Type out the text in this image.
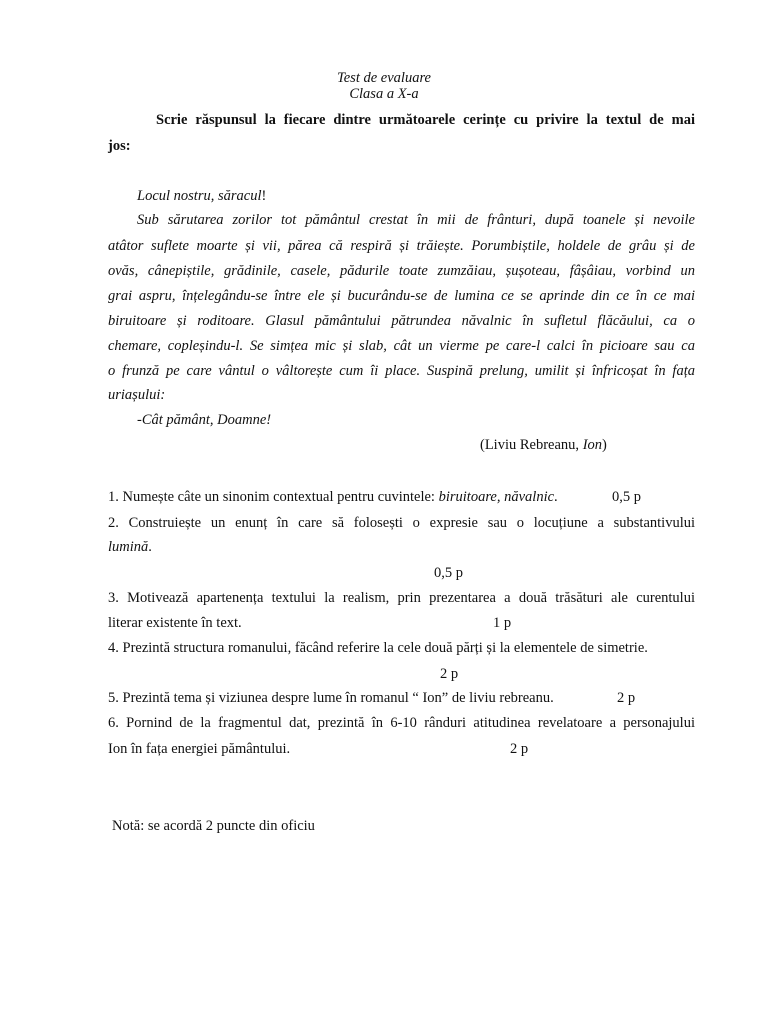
Test de evaluare
Clasa a X-a
Scrie răspunsul la fiecare dintre următoarele cerințe cu privire la textul de mai
jos:
Locul nostru, săracul!
Sub sărutarea zorilor tot pământul crestat în mii de frânturi, după toanele și nevoile
atâtor suflete moarte și vii, părea că respiră și trăiește. Porumbiștile, holdele de grâu și de
ovăs, cânepiștile, grădinile, casele, pădurile toate zumzăiau, șușoteau, fâșâiau, vorbind un
grai aspru, înțelegându-se între ele și bucurându-se de lumina ce se aprinde din ce în ce mai
biruitoare și roditoare. Glasul pământului pătrundea năvalnic în sufletul flăcăului, ca o
chemare, copleșindu-l. Se simțea mic și slab, cât un vierme pe care-l calci în picioare sau ca
o frunză pe care vântul o vâltorește cum îi place. Suspină prelung, umilit și înfricoșat în fața
uriașului:
-Cât pământ, Doamne!
(Liviu Rebreanu, Ion)
1. Numește câte un sinonim contextual pentru cuvintele: biruitoare, năvalnic.	0,5 p
2. Construiește un enunț în care să folosești o expresie sau o locuțiune a substantivului
lumină.
0,5 p
3. Motivează apartenența textului la realism, prin prezentarea a două trăsături ale curentului
literar existente în text.	1 p
4. Prezintă structura romanului, făcând referire la cele două părți și la elementele de simetrie.
2 p
5. Prezintă tema și viziunea despre lume în romanul “ Ion” de liviu rebreanu.	2 p
6. Pornind de la fragmentul dat, prezintă în 6-10 rânduri atitudinea revelatoare a personajului
Ion în fața energiei pământului.	2 p
Notă: se acordă 2 puncte din oficiu
